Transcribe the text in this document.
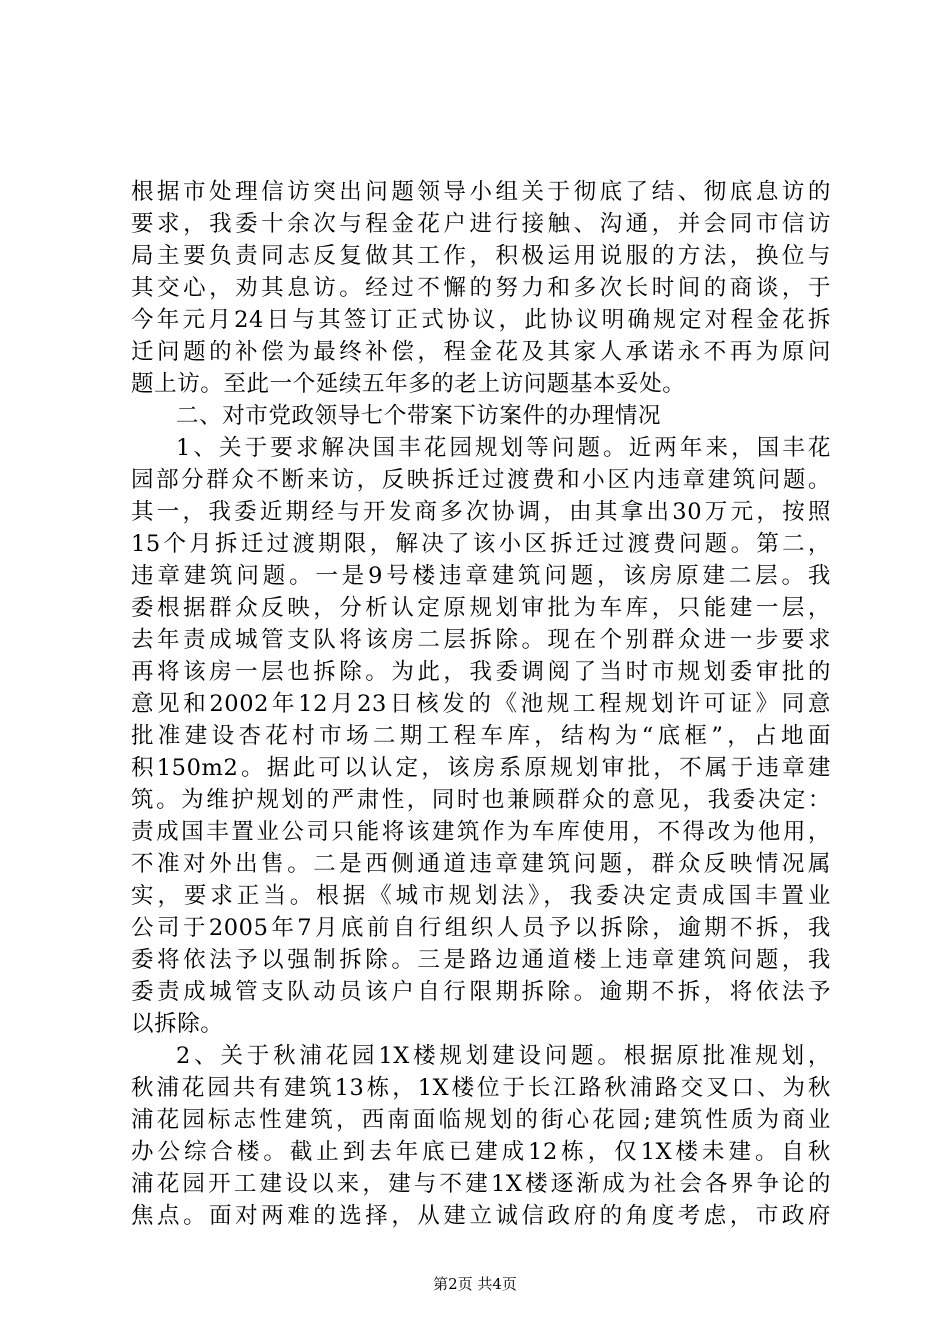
根据市处理信访突出问题领导小组关于彻底了结、彻底息访的
要求，我委十余次与程金花户进行接触、沟通，并会同市信访
局主要负责同志反复做其工作，积极运用说服的方法，换位与
其交心，劝其息访。经过不懈的努力和多次长时间的商谈，于
今年元月24日与其签订正式协议，此协议明确规定对程金花拆
迁问题的补偿为最终补偿，程金花及其家人承诺永不再为原问
题上访。至此一个延续五年多的老上访问题基本妥处。
二、对市党政领导七个带案下访案件的办理情况
1、关于要求解决国丰花园规划等问题。近两年来，国丰花
园部分群众不断来访，反映拆迁过渡费和小区内违章建筑问题。
其一，我委近期经与开发商多次协调，由其拿出30万元，按照
15个月拆迁过渡期限，解决了该小区拆迁过渡费问题。第二，
违章建筑问题。一是9号楼违章建筑问题，该房原建二层。我
委根据群众反映，分析认定原规划审批为车库，只能建一层，
去年责成城管支队将该房二层拆除。现在个别群众进一步要求
再将该房一层也拆除。为此，我委调阅了当时市规划委审批的
意见和2002年12月23日核发的《池规工程规划许可证》同意
批准建设杏花村市场二期工程车库，结构为“底框”，占地面
积150m2。据此可以认定，该房系原规划审批，不属于违章建
筑。为维护规划的严肃性，同时也兼顾群众的意见，我委决定：
责成国丰置业公司只能将该建筑作为车库使用，不得改为他用，
不准对外出售。二是西侧通道违章建筑问题，群众反映情况属
实，要求正当。根据《城市规划法》，我委决定责成国丰置业
公司于2005年7月底前自行组织人员予以拆除，逾期不拆，我
委将依法予以强制拆除。三是路边通道楼上违章建筑问题，我
委责成城管支队动员该户自行限期拆除。逾期不拆，将依法予
以拆除。
2、关于秋浦花园1X楼规划建设问题。根据原批准规划，
秋浦花园共有建筑13栋，1X楼位于长江路秋浦路交叉口、为秋
浦花园标志性建筑，西南面临规划的街心花园;建筑性质为商业
办公综合楼。截止到去年底已建成12栋，仅1X楼未建。自秋
浦花园开工建设以来，建与不建1X楼逐渐成为社会各界争论的
焦点。面对两难的选择，从建立诚信政府的角度考虑，市政府
第2页 共4页
